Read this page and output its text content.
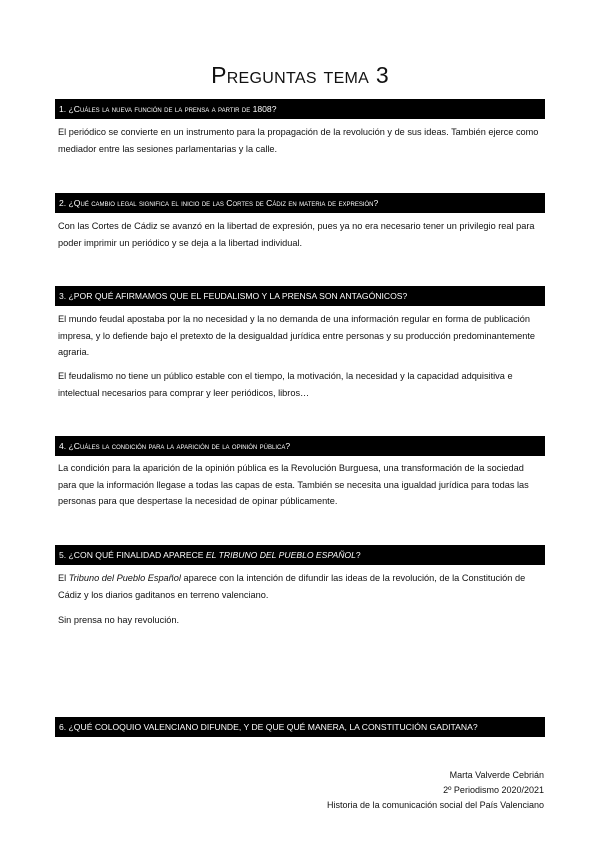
Preguntas tema 3
1. ¿Cuáles la nueva función de la prensa a partir de 1808?
El periódico se convierte en un instrumento para la propagación de la revolución y de sus ideas. También ejerce como mediador entre las sesiones parlamentarias y la calle.
2. ¿Qué cambio legal significa el inicio de las Cortes de Cádiz en materia de expresión?
Con las Cortes de Cádiz se avanzó en la libertad de expresión, pues ya no era necesario tener un privilegio real para poder imprimir un periódico y se deja a la libertad individual.
3. ¿POR QUÉ AFIRMAMOS QUE EL FEUDALISMO Y LA PRENSA SON ANTAGÓNICOS?
El mundo feudal apostaba por la no necesidad y la no demanda de una información regular en forma de publicación impresa, y lo defiende bajo el pretexto de la desigualdad jurídica entre personas y su producción predominantemente agraria.
El feudalismo no tiene un público estable con el tiempo, la motivación, la necesidad y la capacidad adquisitiva e intelectual necesarios para comprar y leer periódicos, libros…
4. ¿Cuáles la condición para la aparición de la opinión pública?
La condición para la aparición de la opinión pública es la Revolución Burguesa, una transformación de la sociedad para que la información llegase a todas las capas de esta. También se necesita una igualdad jurídica para todas las personas para que despertase la necesidad de opinar públicamente.
5. ¿CON QUÉ FINALIDAD APARECE EL TRIBUNO DEL PUEBLO ESPAÑOL?
El Tribuno del Pueblo Español aparece con la intención de difundir las ideas de la revolución, de la Constitución de Cádiz y los diarios gaditanos en terreno valenciano.
Sin prensa no hay revolución.
6. ¿QUÉ COLOQUIO VALENCIANO DIFUNDE, Y DE QUE QUÉ MANERA, LA CONSTITUCIÓN GADITANA?
Marta Valverde Cebrián
2º Periodismo 2020/2021
Historia de la comunicación social del País Valenciano
